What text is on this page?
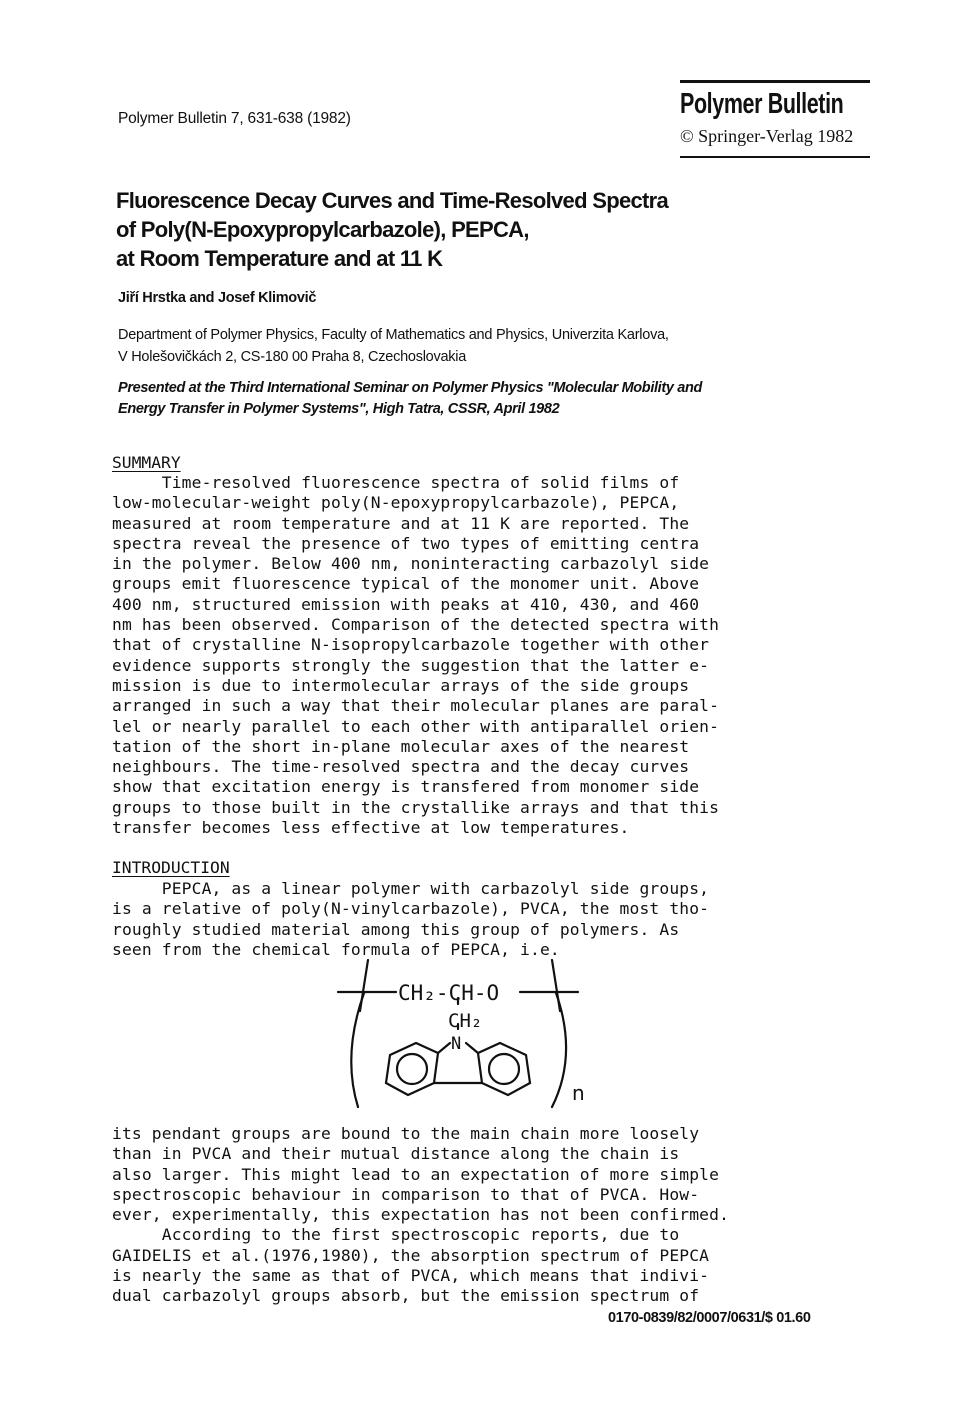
Polymer Bulletin 7, 631-638 (1982)	Polymer Bulletin
© Springer-Verlag 1982
Fluorescence Decay Curves and Time-Resolved Spectra
of Poly(N-Epoxypropylcarbazole), PEPCA,
at Room Temperature and at 11 K
Jiří Hrstka and Josef Klimovič
Department of Polymer Physics, Faculty of Mathematics and Physics, Univerzita Karlova,
V Holešovičkách 2, CS-180 00 Praha 8, Czechoslovakia
Presented at the Third International Seminar on Polymer Physics "Molecular Mobility and
Energy Transfer in Polymer Systems", High Tatra, CSSR, April 1982
SUMMARY
Time-resolved fluorescence spectra of solid films of
low-molecular-weight poly(N-epoxypropylcarbazole), PEPCA,
measured at room temperature and at 11 K are reported. The
spectra reveal the presence of two types of emitting centra
in the polymer. Below 400 nm, noninteracting carbazolyl side
groups emit fluorescence typical of the monomer unit. Above
400 nm, structured emission with peaks at 410, 430, and 460
nm has been observed. Comparison of the detected spectra with
that of crystalline N-isopropylcarbazole together with other
evidence supports strongly the suggestion that the latter e-
mission is due to intermolecular arrays of the side groups
arranged in such a way that their molecular planes are paral-
lel or nearly parallel to each other with antiparallel orien-
tation of the short in-plane molecular axes of the nearest
neighbours. The time-resolved spectra and the decay curves
show that excitation energy is transfered from monomer side
groups to those built in the crystallike arrays and that this
transfer becomes less effective at low temperatures.
INTRODUCTION
PEPCA, as a linear polymer with carbazolyl side groups,
is a relative of poly(N-vinylcarbazole), PVCA, the most tho-
roughly studied material among this group of polymers. As
seen from the chemical formula of PEPCA, i.e.
CH₂-CH-O
CH₂
N
n
its pendant groups are bound to the main chain more loosely
than in PVCA and their mutual distance along the chain is
also larger. This might lead to an expectation of more simple
spectroscopic behaviour in comparison to that of PVCA. How-
ever, experimentally, this expectation has not been confirmed.
According to the first spectroscopic reports, due to
GAIDELIS et al.(1976,1980), the absorption spectrum of PEPCA
is nearly the same as that of PVCA, which means that indivi-
dual carbazolyl groups absorb, but the emission spectrum of
0170-0839/82/0007/0631/$ 01.60
